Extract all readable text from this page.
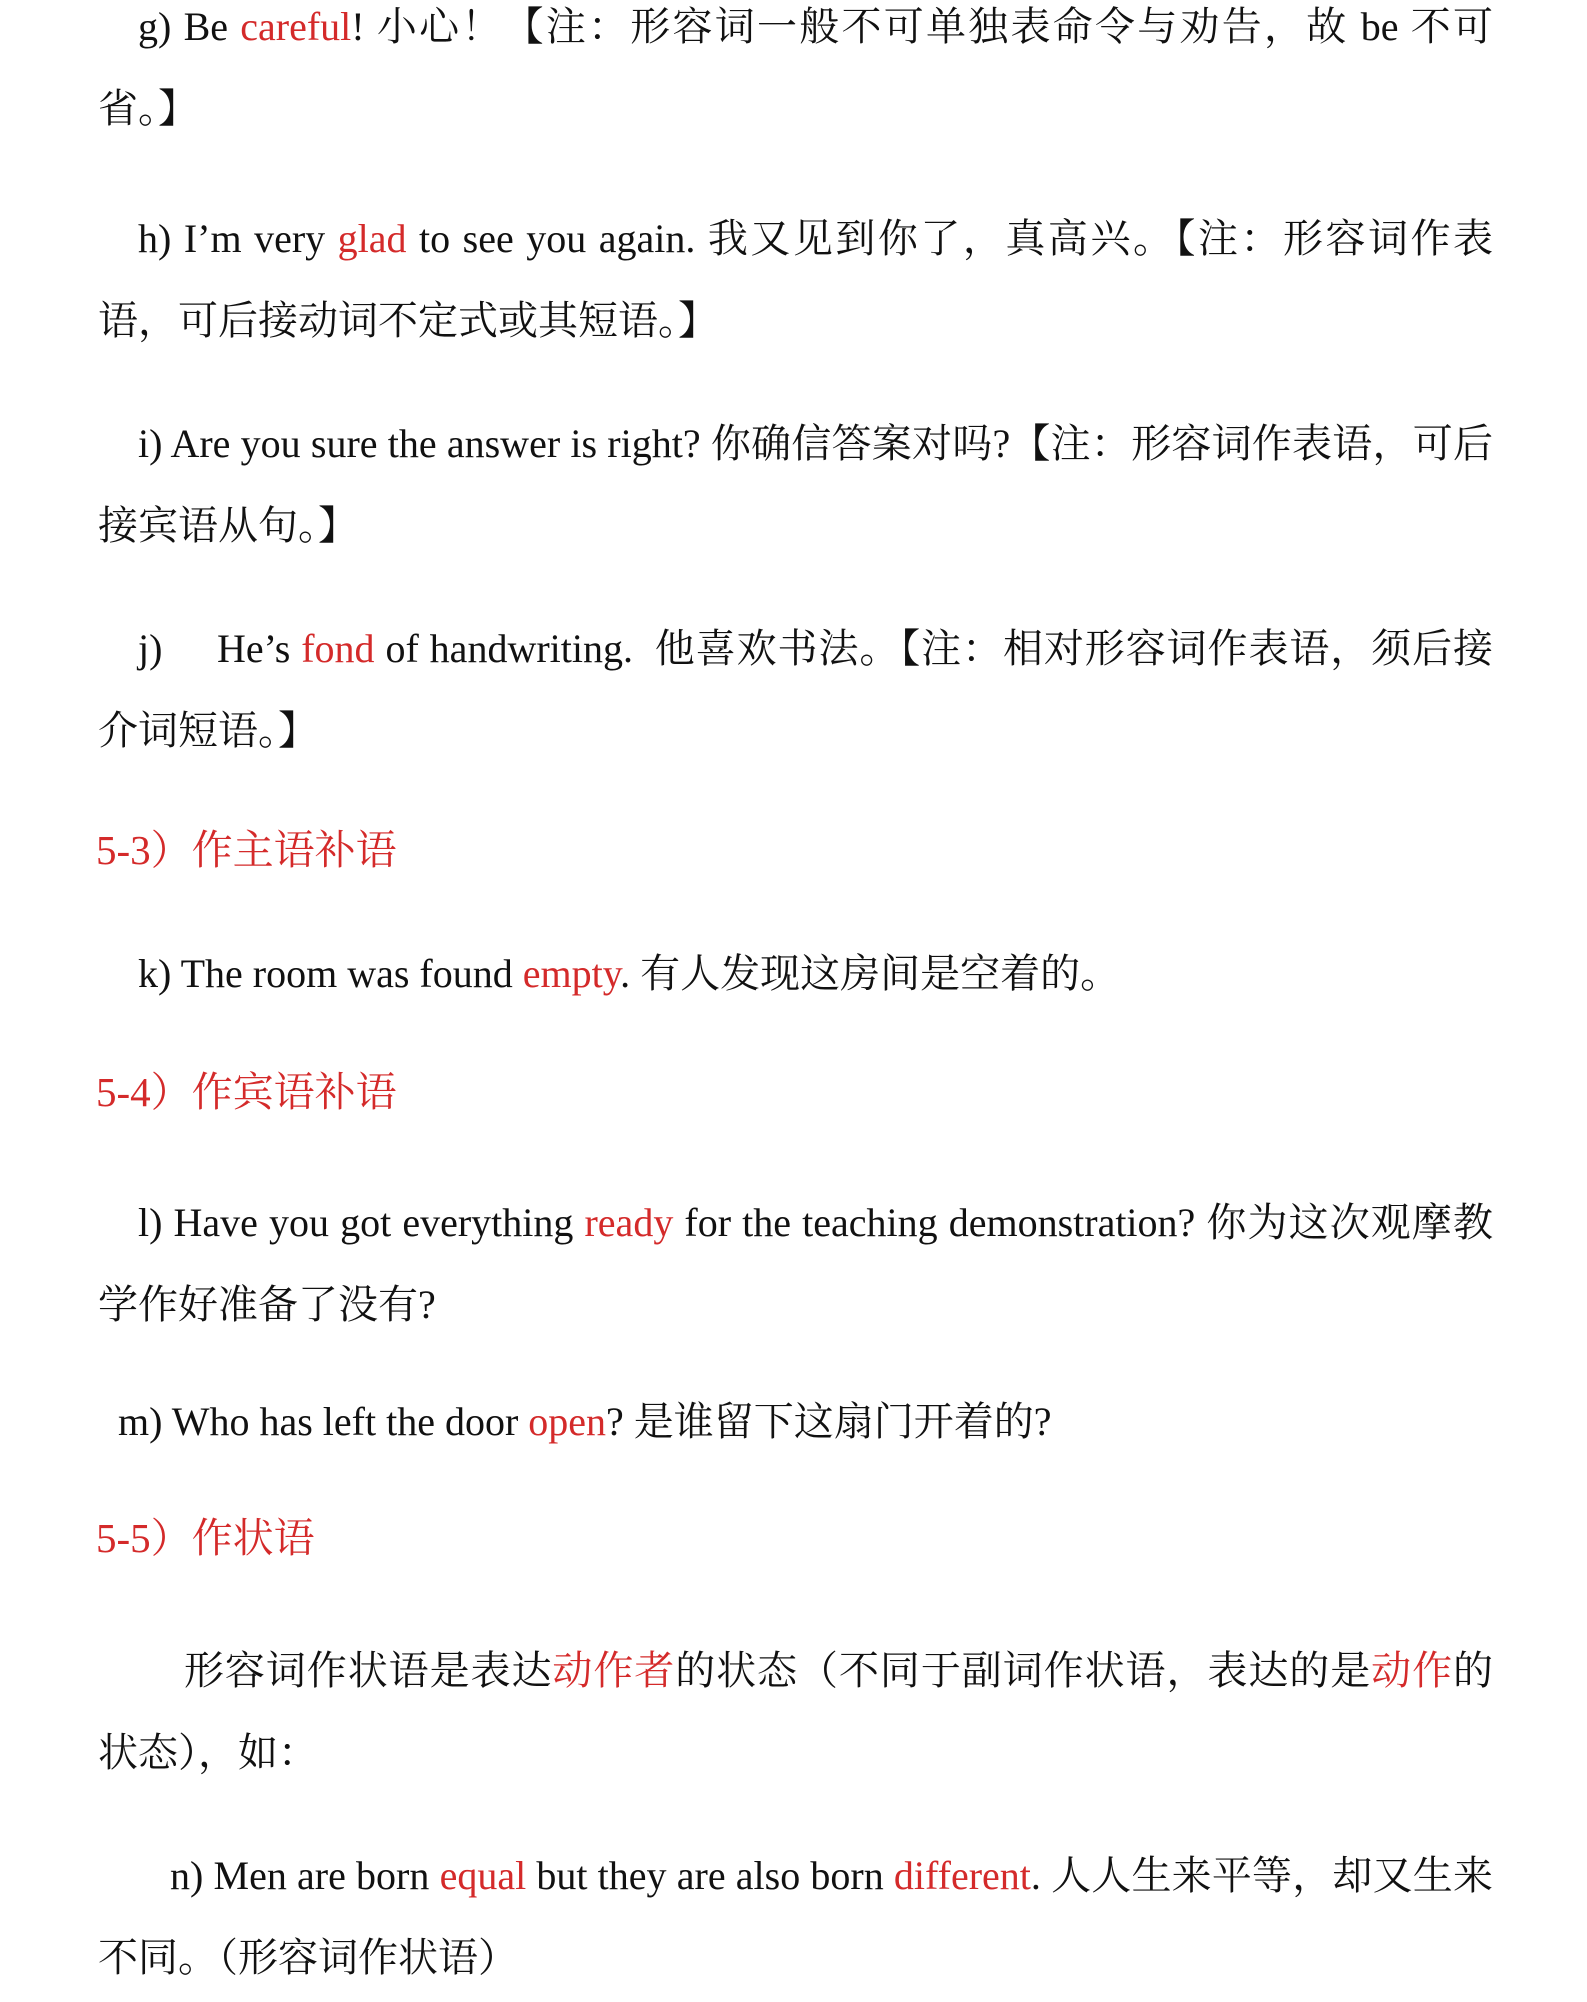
g) Be careful! 小心！【注：形容词一般不可单独表命令与劝告，故 be 不可省。】

h) I’m very glad to see you again. 我又见到你了，真高兴。【注：形容词作表语，可后接动词不定式或其短语。】

i) Are you sure the answer is right? 你确信答案对吗?【注：形容词作表语，可后接宾语从句。】

j)     He’s fond of handwriting.  他喜欢书法。【注：相对形容词作表语，须后接介词短语。】

5-3）作主语补语
k) The room was found empty. 有人发现这房间是空着的。
5-4）作宾语补语

l) Have you got everything ready for the teaching demonstration? 你为这次观摩教学作好准备了没有?

m) Who has left the door open? 是谁留下这扇门开着的?
5-5）作状语

形容词作状语是表达动作者的状态（不同于副词作状语，表达的是动作的状态），如：

n) Men are born equal but they are also born different. 人人生来平等，却又生来不同。（形容词作状语）
